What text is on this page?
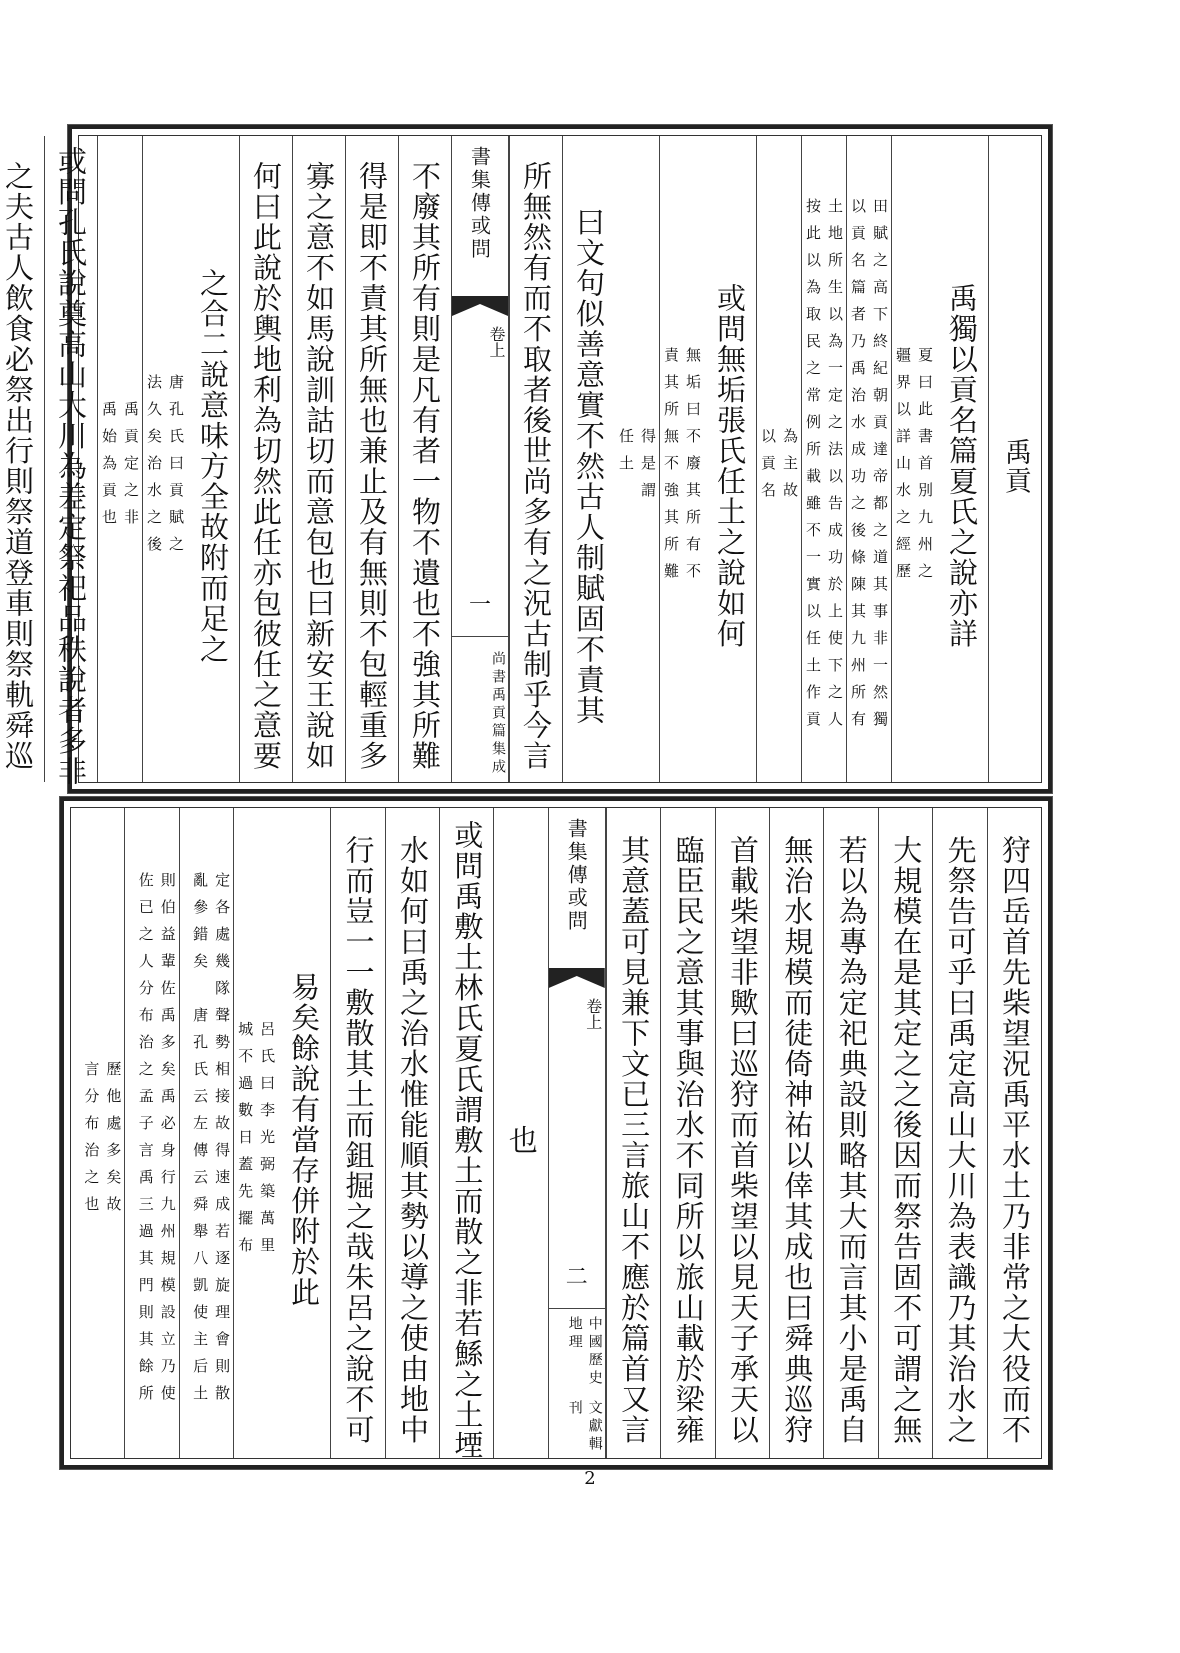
禹貢
禹獨以貢名篇夏氏之說亦詳
夏曰此書首別九州之
疆界以詳山水之經歷
田賦之高下終紀朝貢達帝都之道其事非一然獨
以貢名篇者乃禹治水成功之後條陳其九州所有
土地所生以為一定之法以告成功於上使下之人
按此以為取民之常例所載雖不一實以任土作貢
為主故
以貢名
或問無垢張氏任土之說如何
無垢曰不廢其所有不
責其所無不強其所難
得是謂
任土
曰文句似善意實不然古人制賦固不責其
所無然有而不取者後世尚多有之況古制乎今言
書集傳或問
卷上
一
尚書禹貢篇
集成
不廢其所有則是凡有者一物不遺也不強其所難
得是即不責其所無也兼止及有無則不包輕重多
寡之意不如馬說訓詁切而意包也曰新安王說如
何曰此說於輿地利為切然此任亦包彼任之意要
之合二說意味方全故附而足之
唐孔氏曰貢賦之
法久矣治水之後
禹貢定之非
禹始為貢也
或問孔氏說奠高山大川為差定祭祀品秩說者多非
之夫古人飲食必祭出行則祭道登車則祭軌舜巡
狩四岳首先柴望況禹平水土乃非常之大役而不
先祭告可乎曰禹定高山大川為表識乃其治水之
大規模在是其定之之後因而祭告固不可謂之無
若以為專為定祀典設則略其大而言其小是禹自
無治水規模而徒倚神祐以倖其成也曰舜典巡狩
首載柴望非歟曰巡狩而首柴望以見天子承天以
臨臣民之意其事與治水不同所以旅山載於梁雍
其意蓋可見兼下文已三言旅山不應於篇首又言
書集傳或問
卷上
二
中國歷史地理
文獻輯刊
也
或問禹敷土林氏夏氏謂敷土而散之非若鯀之土堙
水如何曰禹之治水惟能順其勢以導之使由地中
行而豈一一敷散其土而鉏掘之哉朱呂之說不可
易矣餘說有當存併附於此
呂氏曰李光弼築萬里
城不過數日蓋先擺布
定各處幾隊聲勢相接故得速成若逐旋理會則散
亂參錯矣　唐孔氏云左傳云舜舉八凱使主后土
則伯益輩佐禹多矣禹必身行九州規模設立乃使
佐已之人分布治之孟子言禹三過其門則其餘所
歷他處多矣故
言分布治之也
2
